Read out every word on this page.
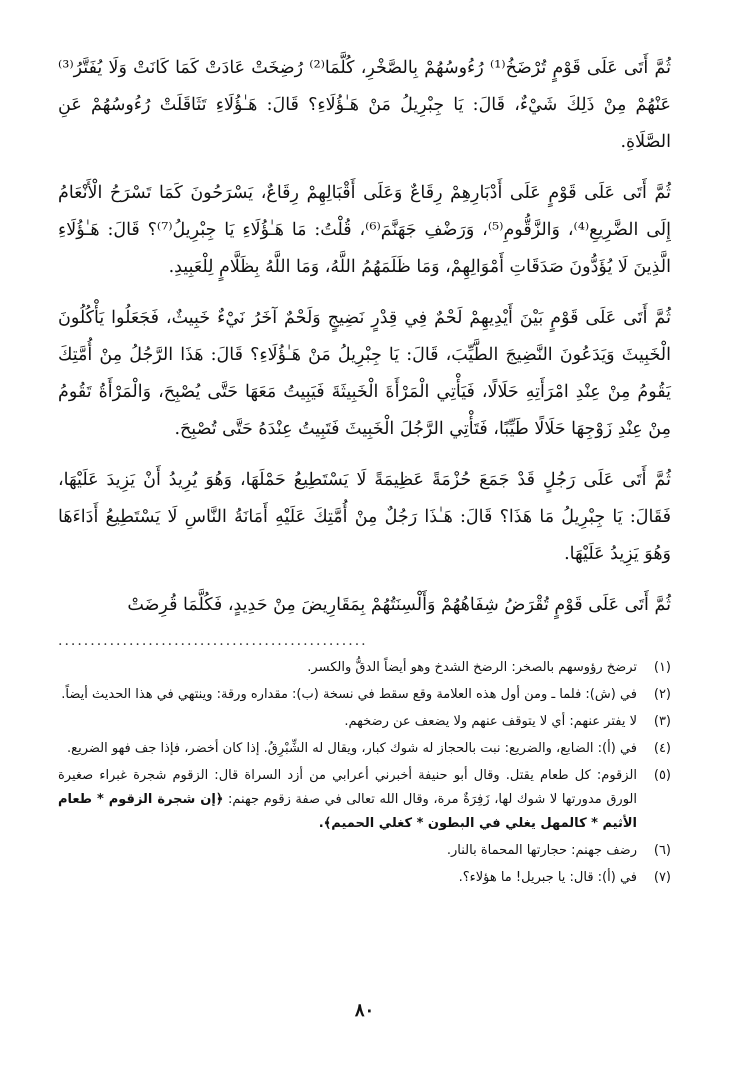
ثُمَّ أَتَى عَلَى قَوْمٍ تُرْضَخُ⁽¹⁾ رُءُوسُهُمْ بِالصَّخْرِ، كُلَّمَا⁽²⁾ رُضِخَتْ عَادَتْ كَمَا كَانَتْ وَلَا يُفَتَّرُ⁽³⁾ عَنْهُمْ مِنْ ذَلِكَ شَيْءٌ، قَالَ: يَا جِبْرِيلُ مَنْ هَـٰؤُلَاءِ؟ قَالَ: هَـٰؤُلَاءِ تَثَاقَلَتْ رُءُوسُهُمْ عَنِ الصَّلَاةِ.

ثُمَّ أَتَى عَلَى قَوْمٍ عَلَى أَدْبَارِهِمْ رِقَاعٌ وَعَلَى أَقْبَالِهِمْ رِقَاعٌ، يَسْرَحُونَ كَمَا تَسْرَحُ الْأَنْعَامُ إِلَى الضَّرِيعِ⁽⁴⁾، وَالزَّقُّومِ⁽⁵⁾، وَرَضْفِ جَهَنَّمَ⁽⁶⁾، قُلْتُ: مَا هَـٰؤُلَاءِ يَا جِبْرِيلُ⁽⁷⁾؟ قَالَ: هَـٰؤُلَاءِ الَّذِينَ لَا يُؤَدُّونَ صَدَقَاتِ أَمْوَالِهِمْ، وَمَا ظَلَمَهُمُ اللَّهُ، وَمَا اللَّهُ بِظَلَّامٍ لِلْعَبِيدِ.

ثُمَّ أَتَى عَلَى قَوْمٍ بَيْنَ أَيْدِيهِمْ لَحْمٌ فِي قِدْرٍ نَضِيجٍ وَلَحْمٌ آخَرُ نَيْءٌ خَبِيثٌ، فَجَعَلُوا يَأْكُلُونَ الْخَبِيثَ وَيَدَعُونَ النَّضِيجَ الطَّيِّبَ، قَالَ: يَا جِبْرِيلُ مَنْ هَـٰؤُلَاءِ؟ قَالَ: هَذَا الرَّجُلُ مِنْ أُمَّتِكَ يَقُومُ مِنْ عِنْدِ امْرَأَتِهِ حَلَالًا، فَيَأْتِي الْمَرْأَةَ الْخَبِيثَةَ فَيَبِيتُ مَعَهَا حَتَّى يُصْبِحَ، وَالْمَرْأَةُ تَقُومُ مِنْ عِنْدِ زَوْجِهَا حَلَالًا طَيِّبًا، فَتَأْتِي الرَّجُلَ الْخَبِيثَ فَتَبِيتُ عِنْدَهُ حَتَّى تُصْبِحَ.

ثُمَّ أَتَى عَلَى رَجُلٍ قَدْ جَمَعَ حُزْمَةً عَظِيمَةً لَا يَسْتَطِيعُ حَمْلَهَا، وَهُوَ يُرِيدُ أَنْ يَزِيدَ عَلَيْهَا، فَقَالَ: يَا جِبْرِيلُ مَا هَذَا؟ قَالَ: هَـٰذَا رَجُلٌ مِنْ أُمَّتِكَ عَلَيْهِ أَمَانَةُ النَّاسِ لَا يَسْتَطِيعُ أَدَاءَهَا وَهُوَ يَزِيدُ عَلَيْهَا.

ثُمَّ أَتَى عَلَى قَوْمٍ تُقْرَضُ شِفَاهُهُمْ وَأَلْسِنَتُهُمْ بِمَقَارِيضَ مِنْ حَدِيدٍ، فَكُلَّمَا قُرِضَتْ

................................................
(١)
ترضخ رؤوسهم بالصخر: الرضخ الشدخ وهو أيضاً الدقُّ والكسر.
(٢)
في (ش): فلما ـ ومن أول هذه العلامة وقع سقط في نسخة (ب): مقداره ورقة: وينتهي في هذا الحديث أيضاً.
(٣)
لا يفتر عنهم: أي لا يتوقف عنهم ولا يضعف عن رضخهم.
(٤)
في (أ): الضابع، والضريع: نبت بالحجاز له شوك كبار، ويقال له الشِّبْرِقُ. إذا كان أخضر، فإذا جف فهو الضريع.
(٥)
الزقوم: كل طعام يقتل. وقال أبو حنيفة أخبرني أعرابي من أزد السراة قال: الزقوم شجرة غبراء صغيرة الورق مدورتها لا شوك لها، زَفِرَةٌ مرة، وقال الله تعالى في صفة زقوم جهنم: ﴿إن شجرة الزقوم * طعام الأثيم * كالمهل يغلي في البطون * كغلي الحميم﴾.
(٦)
رضف جهنم: حجارتها المحماة بالنار.
(٧)
في (أ): قال: يا جبريل! ما هؤلاء؟.
٨٠
